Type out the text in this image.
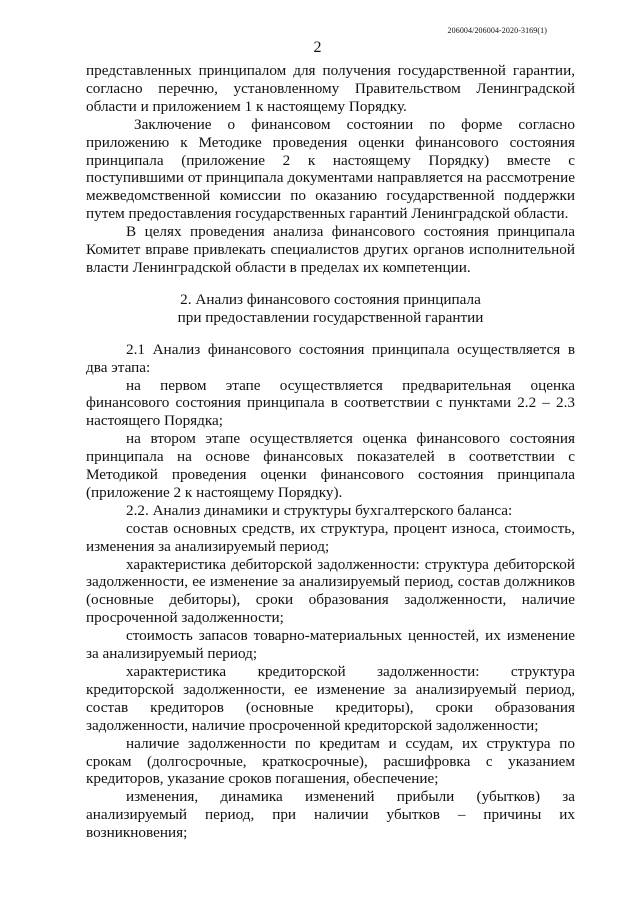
206004/206004-2020-3169(1)
2

представленных принципалом для получения государственной гарантии, согласно перечню, установленному Правительством Ленинградской области и приложением 1 к настоящему Порядку.

Заключение о финансовом состоянии по форме согласно приложению к Методике проведения оценки финансового состояния принципала (приложение 2 к настоящему Порядку) вместе с поступившими от принципала документами направляется на рассмотрение межведомственной комиссии по оказанию государственной поддержки путем предоставления государственных гарантий Ленинградской области.

В целях проведения анализа финансового состояния принципала Комитет вправе привлекать специалистов других органов исполнительной власти Ленинградской области в пределах их компетенции.

2. Анализ финансового состояния принципала

при предоставлении государственной гарантии

2.1 Анализ финансового состояния принципала осуществляется в два этапа:

на первом этапе осуществляется предварительная оценка финансового состояния принципала в соответствии с пунктами 2.2 – 2.3 настоящего Порядка;

на втором этапе осуществляется оценка финансового состояния принципала на основе финансовых показателей в соответствии с Методикой проведения оценки финансового состояния принципала (приложение 2 к настоящему Порядку).

2.2. Анализ динамики и структуры бухгалтерского баланса:

состав основных средств, их структура, процент износа, стоимость, изменения за анализируемый период;

характеристика дебиторской задолженности: структура дебиторской задолженности, ее изменение за анализируемый период, состав должников (основные дебиторы), сроки образования задолженности, наличие просроченной задолженности;

стоимость запасов товарно-материальных ценностей, их изменение за анализируемый период;

характеристика кредиторской задолженности: структура кредиторской задолженности, ее изменение за анализируемый период, состав кредиторов (основные кредиторы), сроки образования задолженности, наличие просроченной кредиторской задолженности;

наличие задолженности по кредитам и ссудам, их структура по срокам (долгосрочные, краткосрочные), расшифровка с указанием кредиторов, указание сроков погашения, обеспечение;

изменения, динамика изменений прибыли (убытков) за анализируемый период, при наличии убытков – причины их возникновения;
